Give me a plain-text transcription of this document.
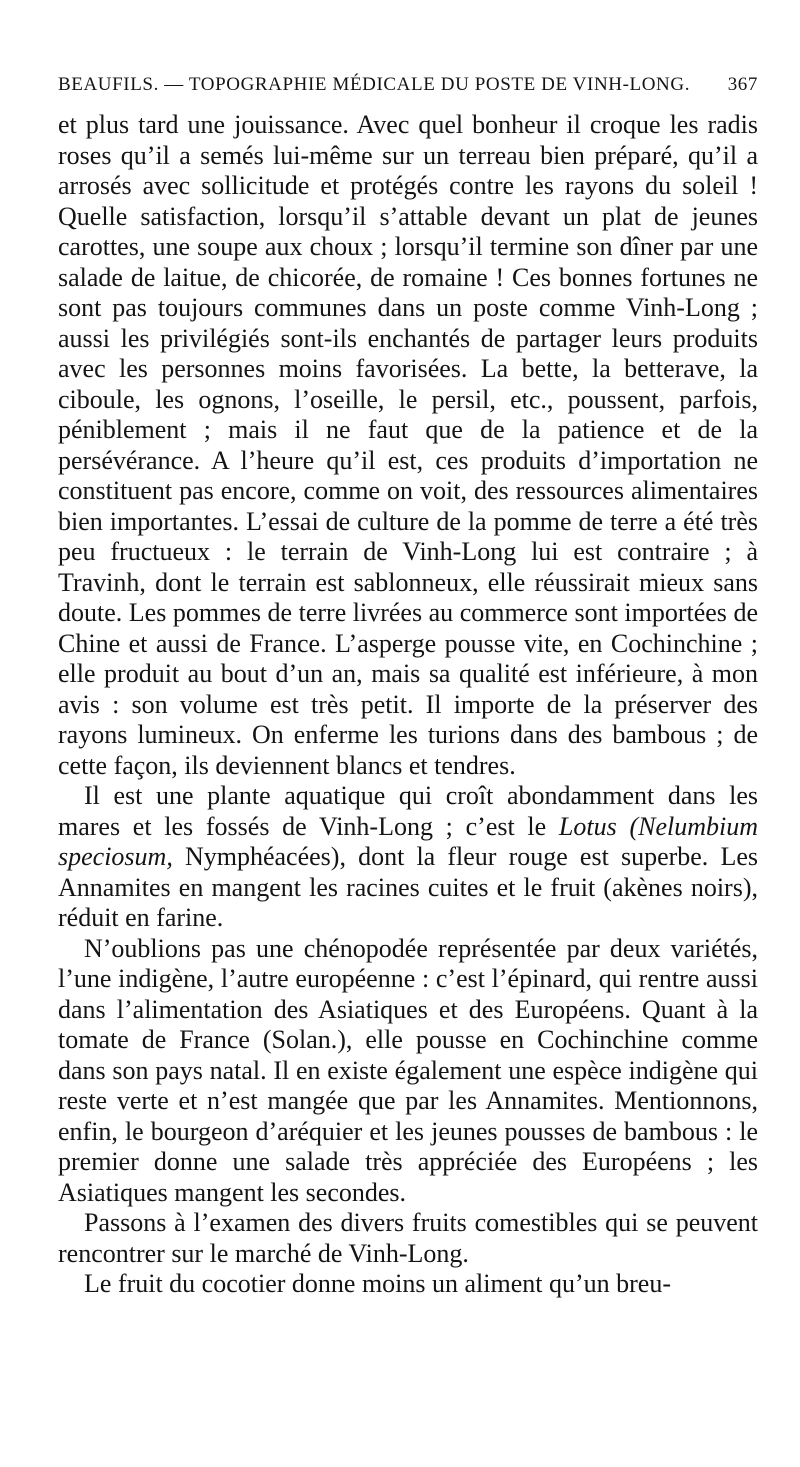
BEAUFILS. — TOPOGRAPHIE MÉDICALE DU POSTE DE VINH-LONG. 367

et plus tard une jouissance. Avec quel bonheur il croque les radis roses qu’il a semés lui-même sur un terreau bien préparé, qu’il a arrosés avec sollicitude et protégés contre les rayons du soleil ! Quelle satisfaction, lorsqu’il s’attable devant un plat de jeunes carottes, une soupe aux choux ; lorsqu’il termine son dîner par une salade de laitue, de chicorée, de romaine ! Ces bonnes fortunes ne sont pas toujours communes dans un poste comme Vinh-Long ; aussi les privilégiés sont-ils enchantés de partager leurs produits avec les personnes moins favorisées. La bette, la betterave, la ciboule, les ognons, l’oseille, le persil, etc., poussent, parfois, péniblement ; mais il ne faut que de la patience et de la persévérance. A l’heure qu’il est, ces produits d’importation ne constituent pas encore, comme on voit, des ressources alimentaires bien importantes. L’essai de culture de la pomme de terre a été très peu fructueux : le terrain de Vinh-Long lui est contraire ; à Travinh, dont le terrain est sablonneux, elle réussirait mieux sans doute. Les pommes de terre livrées au commerce sont importées de Chine et aussi de France. L’asperge pousse vite, en Cochinchine ; elle produit au bout d’un an, mais sa qualité est inférieure, à mon avis : son volume est très petit. Il importe de la préserver des rayons lumineux. On enferme les turions dans des bambous ; de cette façon, ils deviennent blancs et tendres.

Il est une plante aquatique qui croît abondamment dans les mares et les fossés de Vinh-Long ; c’est le Lotus (Nelumbium speciosum, Nymphéacées), dont la fleur rouge est superbe. Les Annamites en mangent les racines cuites et le fruit (akènes noirs), réduit en farine.

N’oublions pas une chénopodée représentée par deux variétés, l’une indigène, l’autre européenne : c’est l’épinard, qui rentre aussi dans l’alimentation des Asiatiques et des Européens. Quant à la tomate de France (Solan.), elle pousse en Cochinchine comme dans son pays natal. Il en existe également une espèce indigène qui reste verte et n’est mangée que par les Annamites. Mentionnons, enfin, le bourgeon d’aréquier et les jeunes pousses de bambous : le premier donne une salade très appréciée des Européens ; les Asiatiques mangent les secondes.

Passons à l’examen des divers fruits comestibles qui se peuvent rencontrer sur le marché de Vinh-Long.

Le fruit du cocotier donne moins un aliment qu’un breu-
